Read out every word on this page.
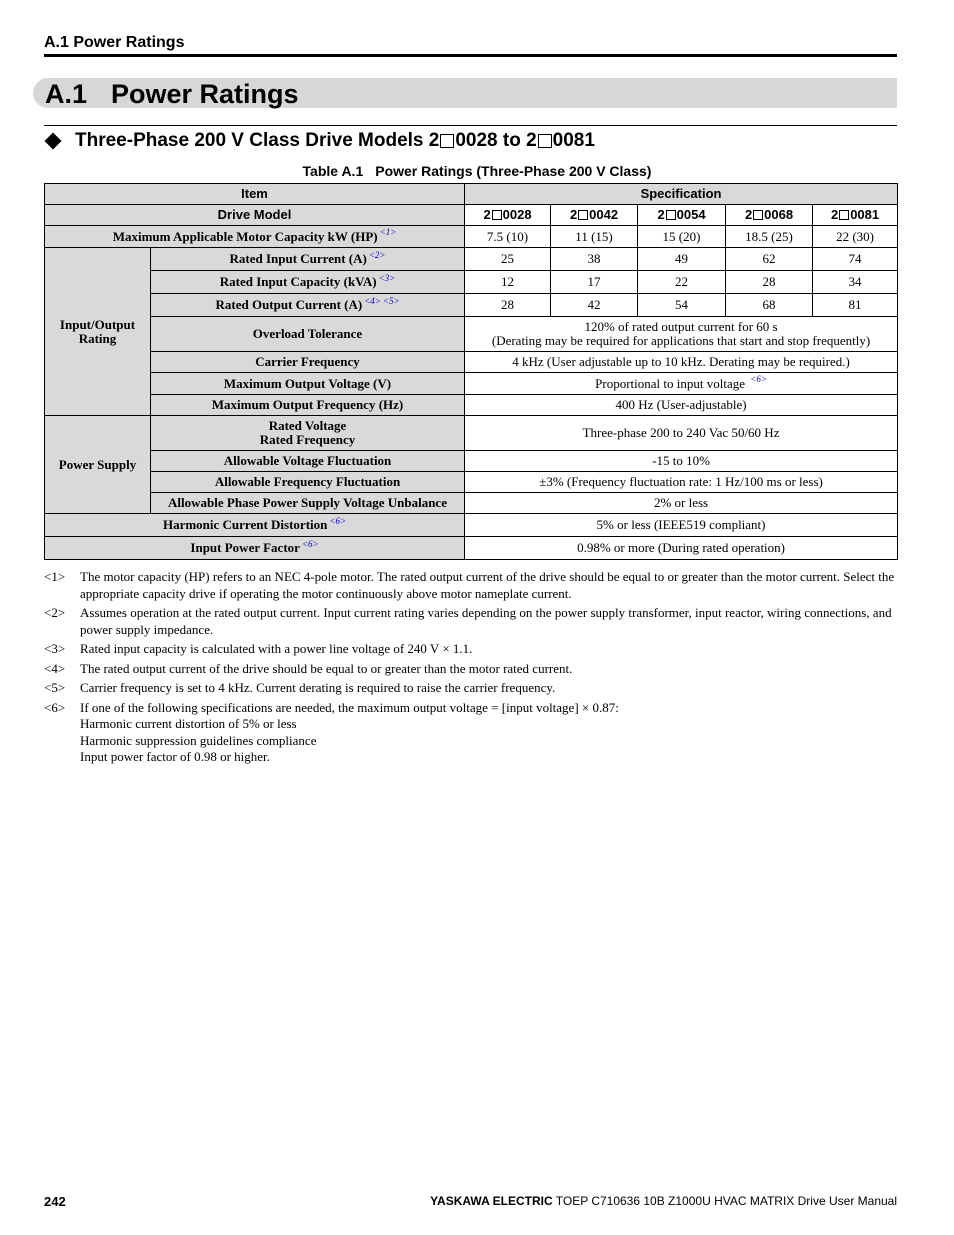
A.1 Power Ratings
A.1 Power Ratings
Three-Phase 200 V Class Drive Models 2 0028 to 2 0081
Table A.1 Power Ratings (Three-Phase 200 V Class)
Item		Specification				
Drive Model		2 0028	2 0042	2 0054	2 0068	2 0081
Maximum Applicable Motor Capacity kW (HP) $^{<1>}$		7.5 (10)	11 (15)	15 (20)	18.5 (25)	22 (30)
Input/Output Rating	Rated Input Current (A) $^{<2>}$	25	38	49	62	74
	Rated Input Capacity (kVA) $^{<3>}$	12	17	22	28	34
	Rated Output Current (A) $^{<4>}$ $^{<5>}$	28	42	54	68	81
	Overload Tolerance	120% of rated output current for 60 s
(Derating may be required for applications that start and stop frequently)				

	Carrier Frequency	4 kHz (User adjustable up to 10 kHz. Derating may be required.)				
	Maximum Output Voltage (V)	Proportional to input voltage $^{<6>}$
	Maximum Output Frequency (Hz)	400 Hz (User-adjustable)				
Power Supply	Rated Voltage
Rated Frequency	Three-phase 200 to 240 Vac 50/60 Hz				
	Allowable Voltage Fluctuation	-15 to 10%				
	Allowable Frequency Fluctuation	±3% (Frequency fluctuation rate: 1 Hz/100 ms or less)				
	Allowable Phase Power Supply Voltage Unbalance	2% or less				
Harmonic Current Distortion $^{<6>}$		5% or less (IEEE519 compliant)				
Input Power Factor $^{<6>}$		0.98% or more (During rated operation)				
<1>	The motor capacity (HP) refers to an NEC 4-pole motor. The rated output current of the drive should be equal to or greater than the motor current. Select the appropriate capacity drive if operating the motor continuously above motor nameplate current.
<2>	Assumes operation at the rated output current. Input current rating varies depending on the power supply transformer, input reactor, wiring connections, and power supply impedance.
<3>	Rated input capacity is calculated with a power line voltage of 240 V × 1.1.
<4>	The rated output current of the drive should be equal to or greater than the motor rated current.
<5>	Carrier frequency is set to 4 kHz. Current derating is required to raise the carrier frequency.
<6>	If one of the following specifications are needed, the maximum output voltage = [input voltage] × 0.87:
Harmonic current distortion of 5% or less
Harmonic suppression guidelines compliance
Input power factor of 0.98 or higher.
242	YASKAWA ELECTRIC TOEP C710636 10B Z1000U HVAC MATRIX Drive User Manual
